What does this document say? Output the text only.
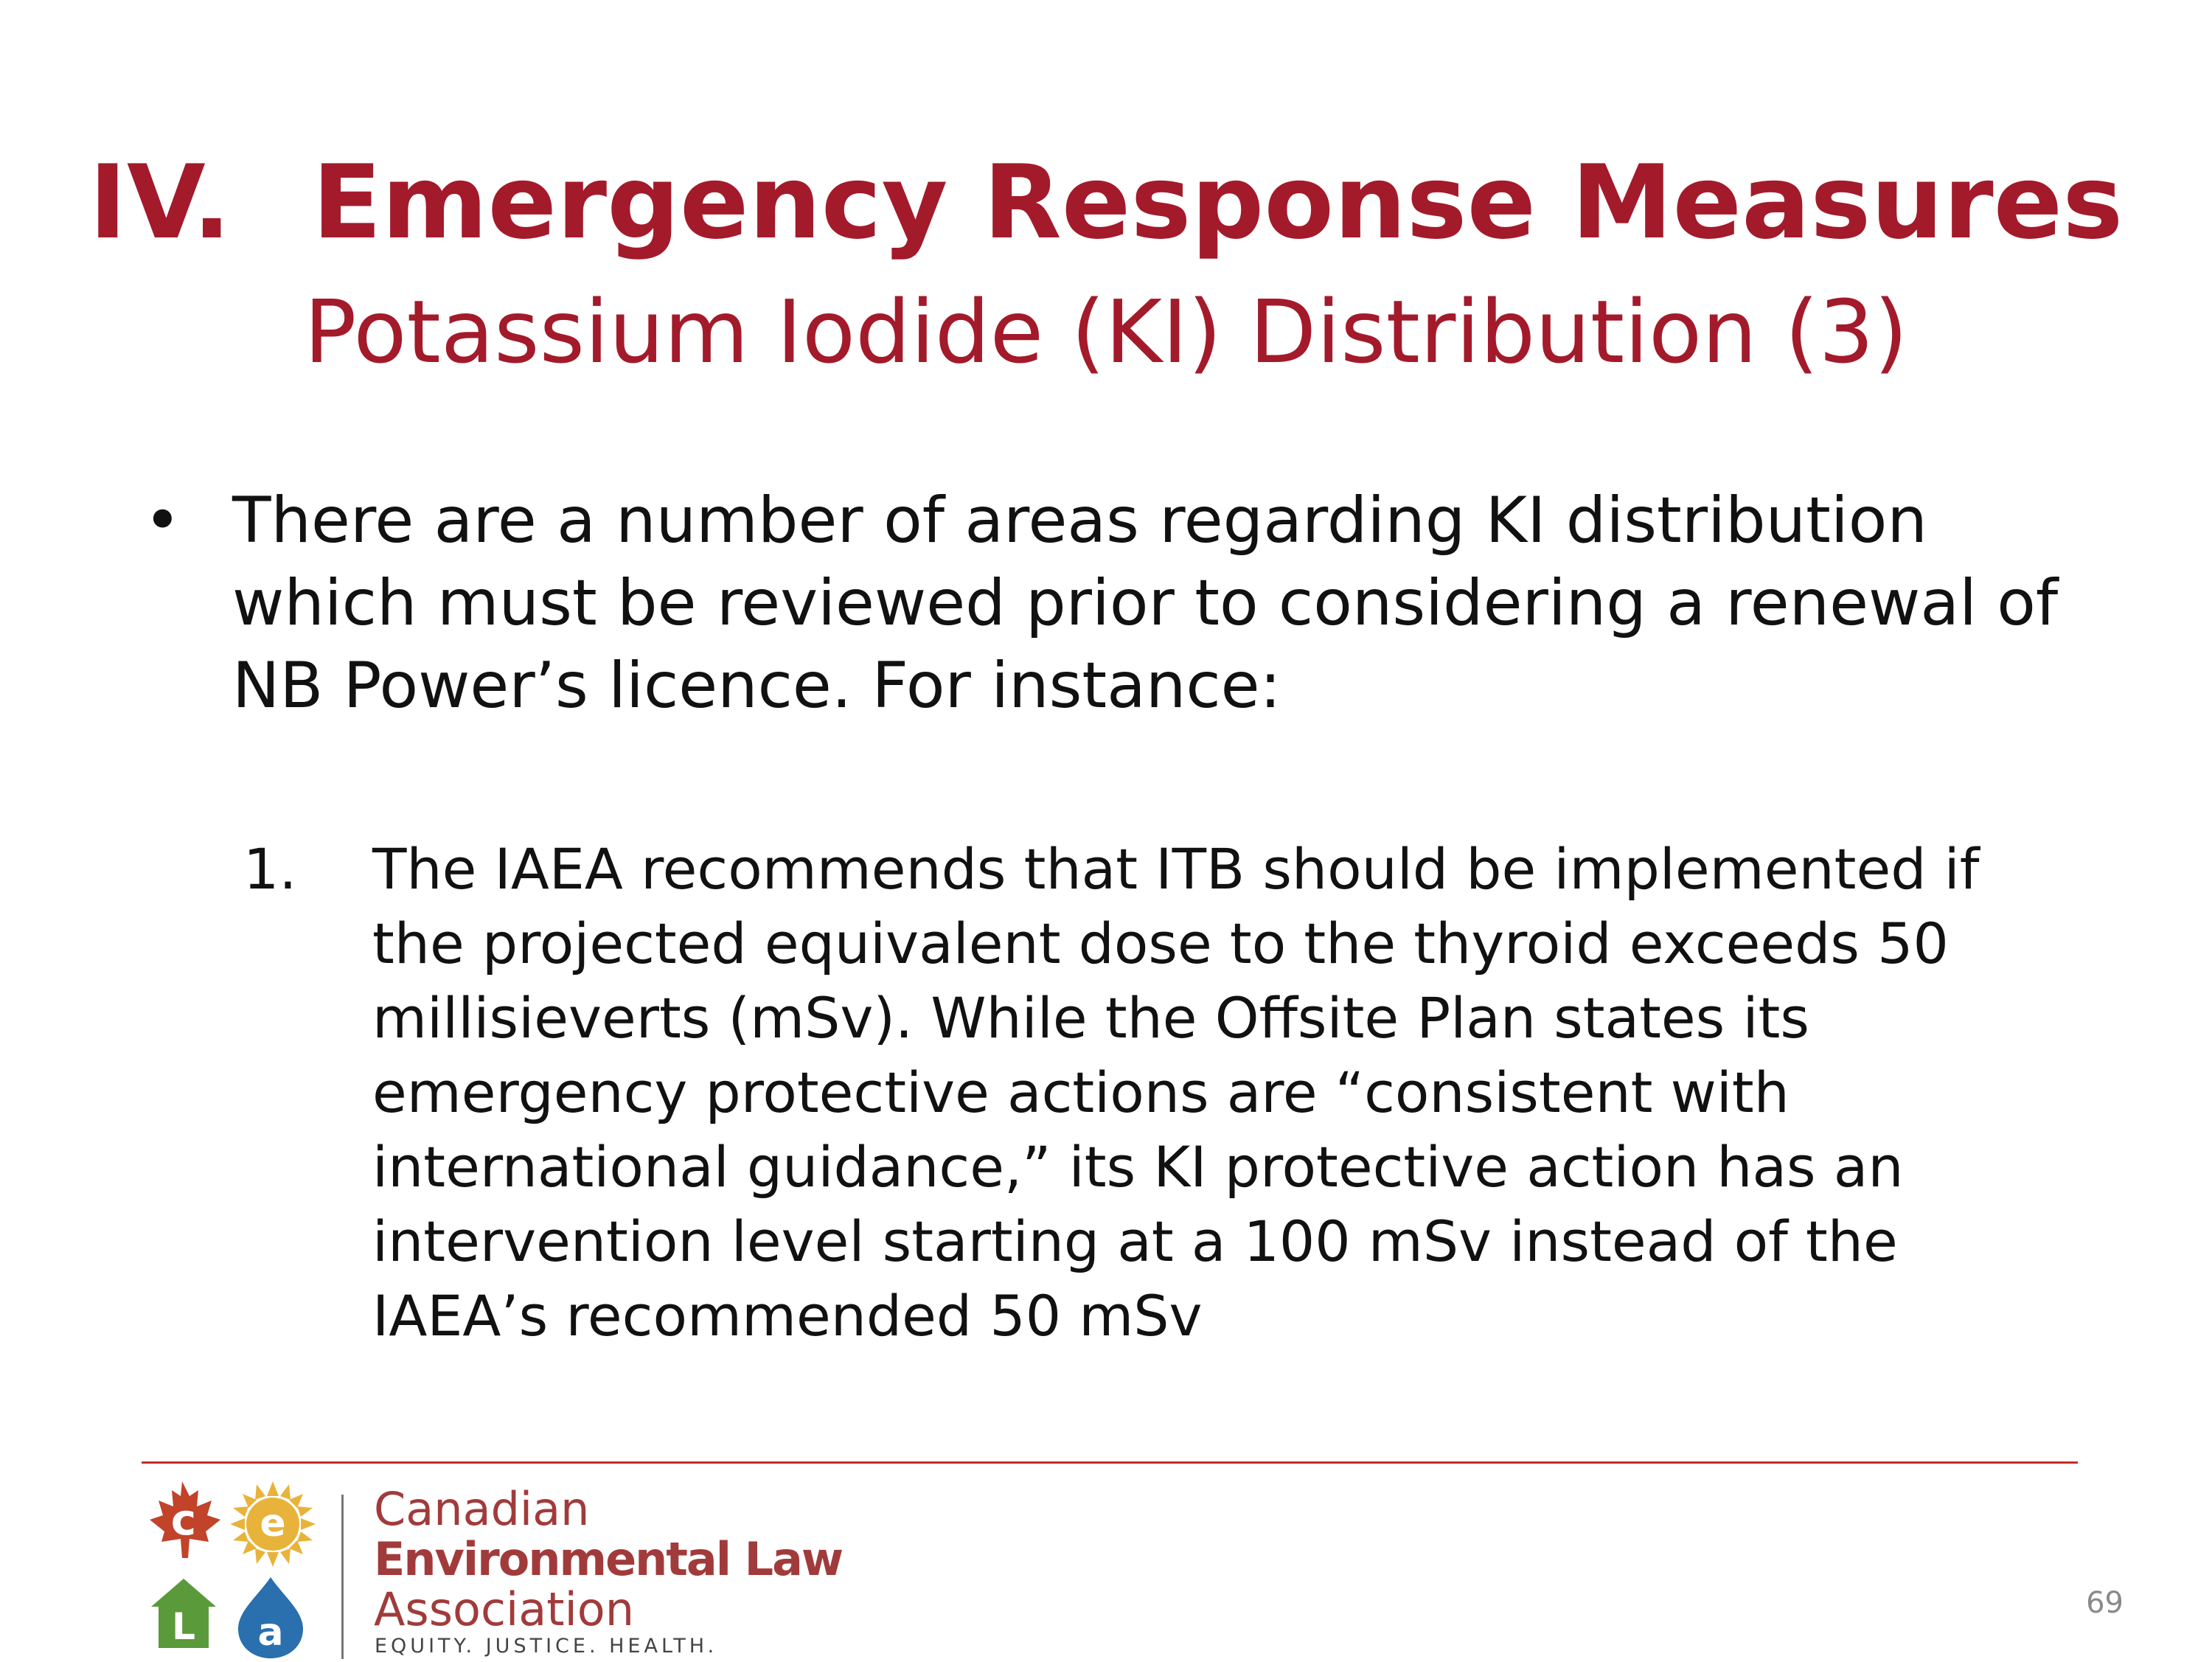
IV. Emergency Response Measures
Potassium Iodide (KI) Distribution (3)
• There are a number of areas regarding KI distribution
which must be reviewed prior to considering a renewal of
NB Power’s licence. For instance:
1.	The IAEA recommends that ITB should be implemented if
the projected equivalent dose to the thyroid exceeds 50
millisieverts (mSv). While the Offsite Plan states its
emergency protective actions are “consistent with
international guidance,” its KI protective action has an
intervention level starting at a 100 mSv instead of the
IAEA’s recommended 50 mSv
c e
L a
Canadian
Environmental Law
Association
EQUITY. JUSTICE. HEALTH.
69
